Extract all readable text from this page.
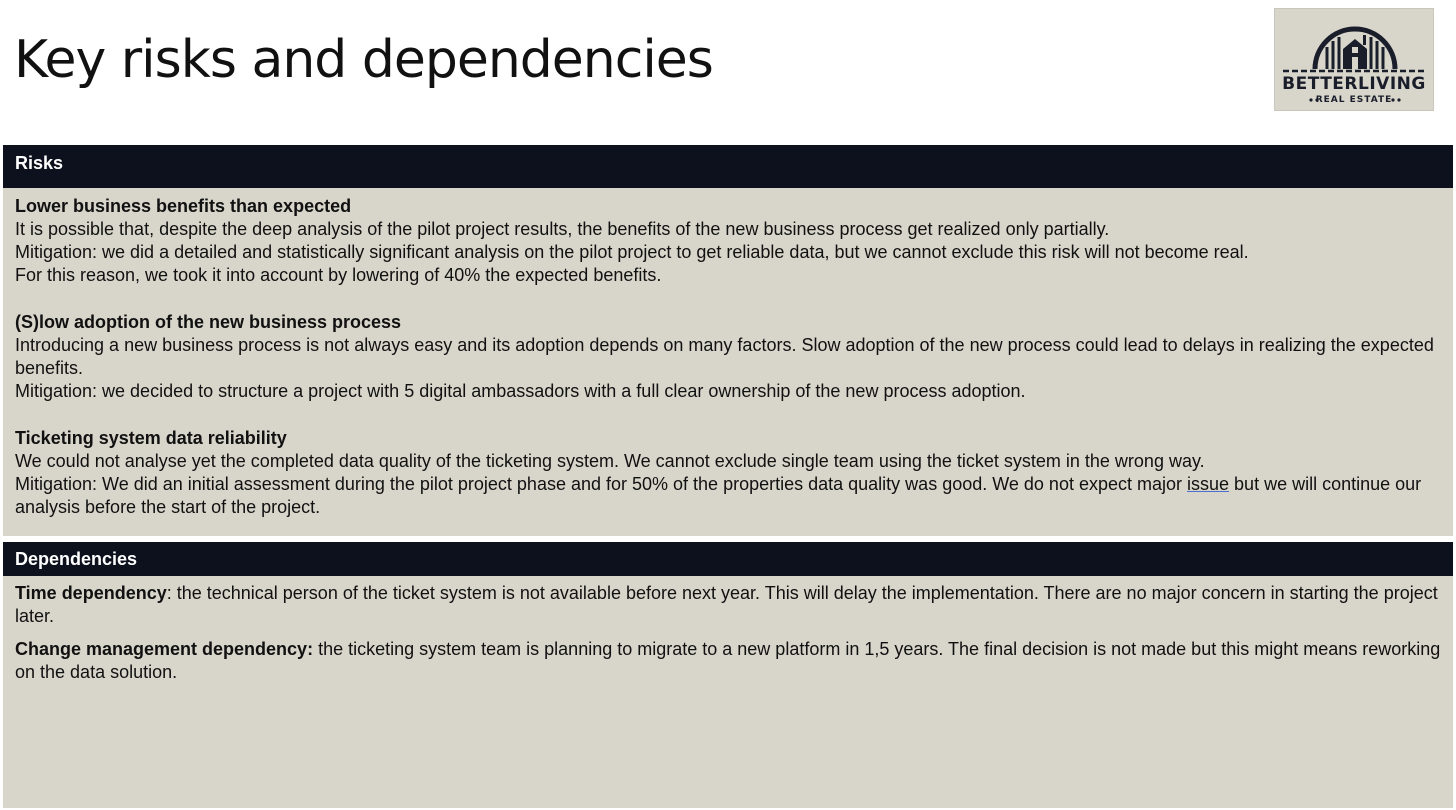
Key risks and dependencies	BETTERLIVING
REAL ESTATE
Risks
Lower business benefits than expected
It is possible that, despite the deep analysis of the pilot project results, the benefits of the new business process get realized only partially.
Mitigation: we did a detailed and statistically significant analysis on the pilot project to get reliable data, but we cannot exclude this risk will not become real.
For this reason, we took it into account by lowering of 40% the expected benefits.
(S)low adoption of the new business process
Introducing a new business process is not always easy and its adoption depends on many factors. Slow adoption of the new process could lead to delays in realizing the expected benefits.
Mitigation: we decided to structure a project with 5 digital ambassadors with a full clear ownership of the new process adoption.
Ticketing system data reliability
We could not analyse yet the completed data quality of the ticketing system. We cannot exclude single team using the ticket system in the wrong way.
Mitigation: We did an initial assessment during the pilot project phase and for 50% of the properties data quality was good. We do not expect major issue but we will continue our analysis before the start of the project.
Dependencies
Time dependency: the technical person of the ticket system is not available before next year. This will delay the implementation. There are no major concern in starting the project later.
Change management dependency: the ticketing system team is planning to migrate to a new platform in 1,5 years. The final decision is not made but this might means reworking on the data solution.
